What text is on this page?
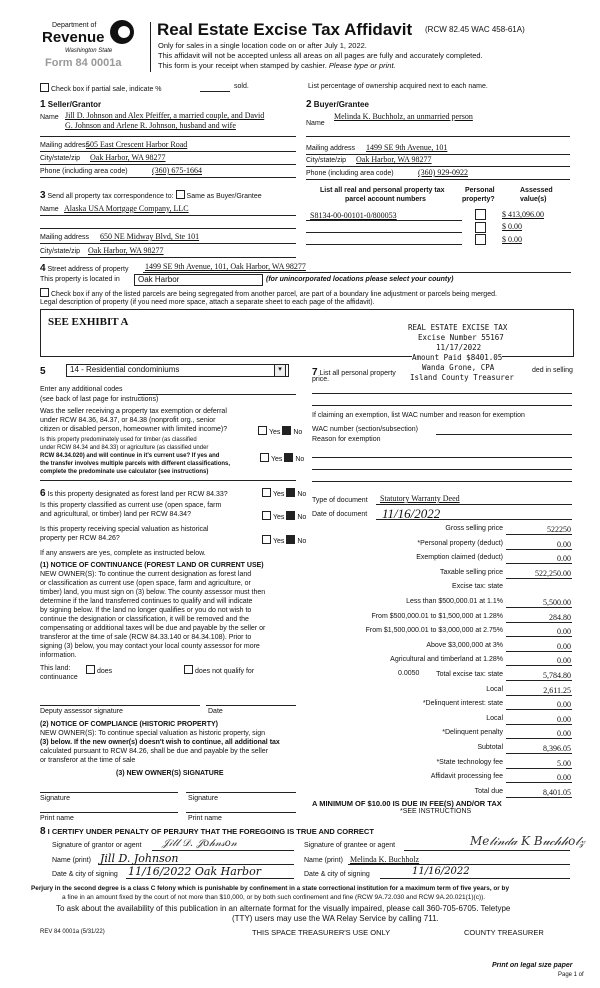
Department of
Revenue
Washington State
Form 84 0001a
Real Estate Excise Tax Affidavit (RCW 82.45 WAC 458-61A)
Only for sales in a single location code on or after July 1, 2022.
This affidavit will not be accepted unless all areas on all pages are fully and accurately completed.
This form is your receipt when stamped by cashier. Please type or print.
Check box if partial sale, indicate %	sold.	List percentage of ownership acquired next to each name.
1 Seller/Grantor
Name Jill D. Johnson and Alex Pfeiffer, a married couple, and David
G. Johnson and Arlene R. Johnson, husband and wife
Mailing address
505 East Crescent Harbor Road
City/state/zip Oak Harbor, WA 98277
Phone (including area code)	(360) 675-1664
2 Buyer/Grantee
Melinda K. Buchholz, an unmarried person
Name
Mailing address 1499 SE 9th Avenue, 101
City/state/zip Oak Harbor, WA 98277
Phone (including area code)	(360) 929-0922
3 Send all property tax correspondence to: Same as Buyer/Grantee
Name Alaska USA Mortgage Company, LLC
Mailing address 650 NE Midway Blvd, Ste 101
City/state/zip Oak Harbor, WA 98277
List all real and personal property tax
parcel account numbers
Personal
property?
Assessed
value(s)
S8134-00-00101-0/800053	$ 413,096.00
$ 0.00
$ 0.00
4 Street address of property 1499 SE 9th Avenue, 101, Oak Harbor, WA 98277
This property is located in	Oak Harbor	(for unincorporated locations please select your county)
Check box if any of the listed parcels are being segregated from another parcel, are part of a boundary line adjustment or parcels being merged.
Legal description of property (if you need more space, attach a separate sheet to each page of the affidavit).
SEE EXHIBIT A	REAL ESTATE EXCISE TAX
Excise Number 55167
11/17/2022
Amount Paid $8401.05
Wanda Grone, CPA
Island County Treasurer
5	14 - Residential condominiums	▾
Enter any additional codes
(see back of last page for instructions)
Was the seller receiving a property tax exemption or deferral
under RCW 84.36, 84.37, or 84.38 (nonprofit org., senior
citizen or disabled person, homeowner with limited income)?	Yes No
Is this property predominately used for timber (as classified
under RCW 84.34 and 84.33) or agriculture (as classified under
RCW 84.34.020) and will continue in it's current use? If yes and	Yes No
the transfer involves multiple parcels with different classifications,
complete the predominate use calculator (see instructions)
7 List all personal property
price.
ded in selling
If claiming an exemption, list WAC number and reason for exemption
WAC number (section/subsection)
Reason for exemption
6 Is this property designated as forest land per RCW 84.33?	Yes No
Is this property classified as current use (open space, farm
and agricultural, or timber) land per RCW 84.34?	Yes No
Is this property receiving special valuation as historical
property per RCW 84.26?	Yes No
If any answers are yes, complete as instructed below.
(1) NOTICE OF CONTINUANCE (FOREST LAND OR CURRENT USE)
NEW OWNER(S): To continue the current designation as forest land
or classification as current use (open space, farm and agriculture, or
timber) land, you must sign on (3) below. The county assessor must then
determine if the land transferred continues to qualify and will indicate
by signing below. If the land no longer qualifies or you do not wish to
continue the designation or classification, it will be removed and the
compensating or additional taxes will be due and payable by the seller or
transferor at the time of sale (RCW 84.33.140 or 84.34.108). Prior to
signing (3) below, you may contact your local county assessor for more
information.
This land:	does	does not qualify for
continuance
Deputy assessor signature	Date
(2) NOTICE OF COMPLIANCE (HISTORIC PROPERTY)
NEW OWNER(S): To continue special valuation as historic property, sign
(3) below. If the new owner(s) doesn't wish to continue, all additional tax
calculated pursuant to RCW 84.26, shall be due and payable by the seller
or transferor at the time of sale
(3) NEW OWNER(S) SIGNATURE
Signature	Signature
Print name	Print name
Type of document Statutory Warranty Deed
Date of document 11/16/2022
Gross selling price	522250
*Personal property (deduct)	0.00
Exemption claimed (deduct)	0.00
Taxable selling price	522,250.00
Excise tax: state
Less than $500,000.01 at 1.1%	5,500.00
From $500,000.01 to $1,500,000 at 1.28%	284.80
From $1,500,000.01 to $3,000,000 at 2.75%	0.00
Above $3,000,000 at 3%	0.00
Agricultural and timberland at 1.28%	0.00
Total excise tax: state	5,784.80
Local	2,611.25
*Delinquent interest: state	0.00
Local	0.00
*Delinquent penalty	0.00
Subtotal	8,396.05
*State technology fee	5.00
Affidavit processing fee	0.00
Total due	8,401.05
0.0050
A MINIMUM OF $10.00 IS DUE IN FEE(S) AND/OR TAX
*SEE INSTRUCTIONS
8 I CERTIFY UNDER PENALTY OF PERJURY THAT THE FOREGOING IS TRUE AND CORRECT
Signature of grantor or agent 𝒥𝒾𝓁𝓁 𝒟. 𝒥𝑜𝒽𝓃𝓈𝑜𝓃
Name (print) Jill D. Johnson
Date & city of signing 11/16/2022 Oak Harbor
Signature of grantee or agent	𝑀𝑒𝓁𝒾𝓃𝒹𝒶 𝐾 𝐵𝓊𝒸𝒽𝒽𝑜𝓁𝓏
Name (print) Melinda K. Buchholz
Date & city of signing	11/16/2022
Perjury in the second degree is a class C felony which is punishable by confinement in a state correctional institution for a maximum term of five years, or by
a fine in an amount fixed by the court of not more than $10,000, or by both such confinement and fine (RCW 9A.72.030 and RCW 9A.20.021(1)(c)).
To ask about the availability of this publication in an alternate format for the visually impaired, please call 360-705-6705. Teletype
(TTY) users may use the WA Relay Service by calling 711.
REV 84 0001a (5/31/22)	THIS SPACE TREASURER'S USE ONLY	COUNTY TREASURER
Print on legal size paper
Page 1 of
